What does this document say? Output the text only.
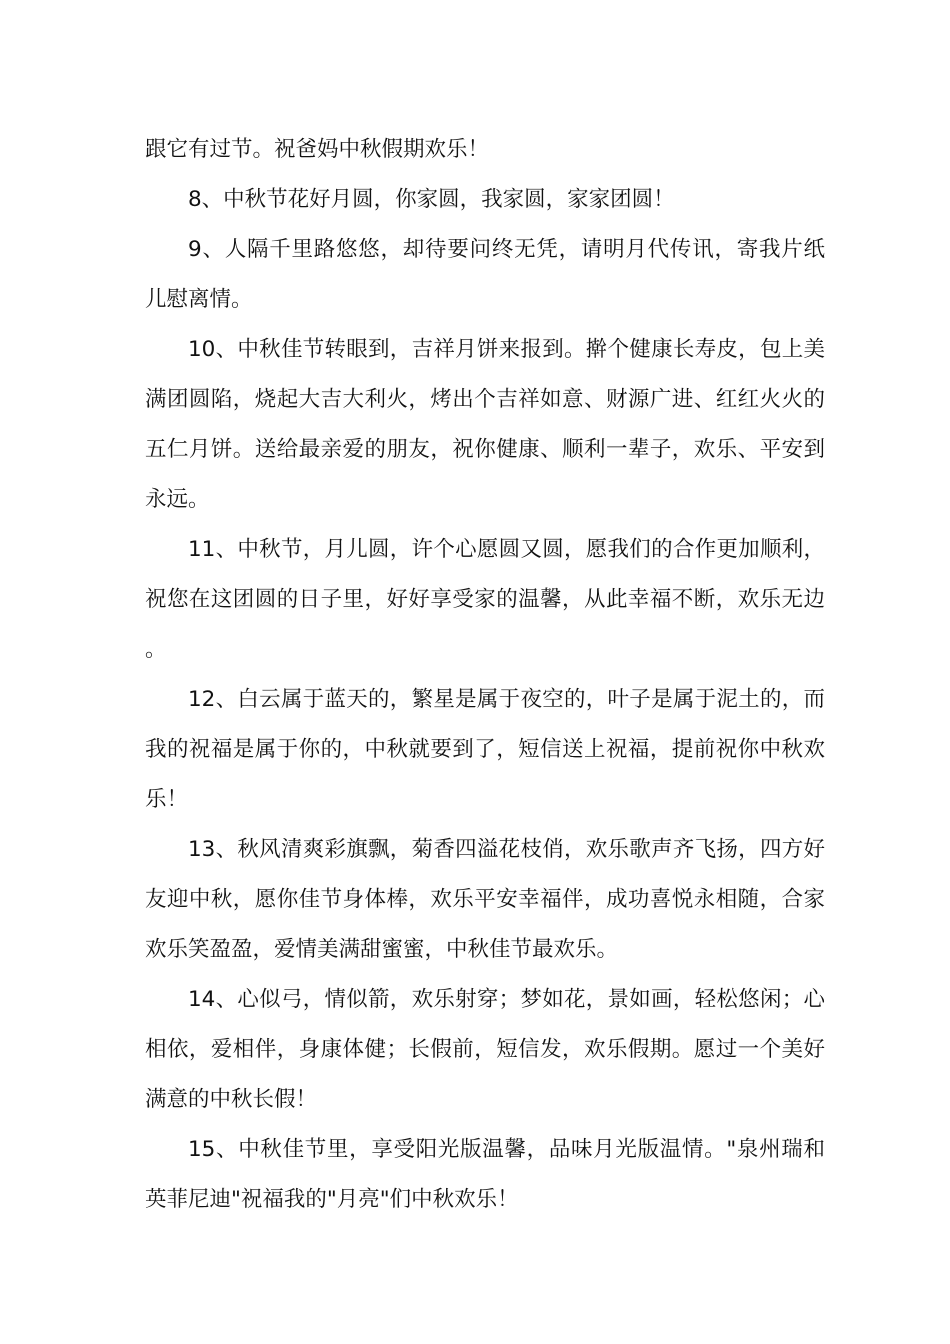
跟它有过节。祝爸妈中秋假期欢乐！

8、中秋节花好月圆，你家圆，我家圆，家家团圆！

9、人隔千里路悠悠，却待要问终无凭，请明月代传讯，寄我片纸儿慰离情。

10、中秋佳节转眼到，吉祥月饼来报到。擀个健康长寿皮，包上美满团圆陷，烧起大吉大利火，烤出个吉祥如意、财源广进、红红火火的五仁月饼。送给最亲爱的朋友，祝你健康、顺利一辈子，欢乐、平安到永远。

11、中秋节，月儿圆，许个心愿圆又圆，愿我们的合作更加顺利，祝您在这团圆的日子里，好好享受家的温馨，从此幸福不断，欢乐无边。

12、白云属于蓝天的，繁星是属于夜空的，叶子是属于泥土的，而我的祝福是属于你的，中秋就要到了，短信送上祝福，提前祝你中秋欢乐！

13、秋风清爽彩旗飘，菊香四溢花枝俏，欢乐歌声齐飞扬，四方好友迎中秋，愿你佳节身体棒，欢乐平安幸福伴，成功喜悦永相随，合家欢乐笑盈盈，爱情美满甜蜜蜜，中秋佳节最欢乐。

14、心似弓，情似箭，欢乐射穿；梦如花，景如画，轻松悠闲；心相依，爱相伴，身康体健；长假前，短信发，欢乐假期。愿过一个美好满意的中秋长假！

15、中秋佳节里，享受阳光版温馨，品味月光版温情。"泉州瑞和英菲尼迪"祝福我的"月亮"们中秋欢乐！
